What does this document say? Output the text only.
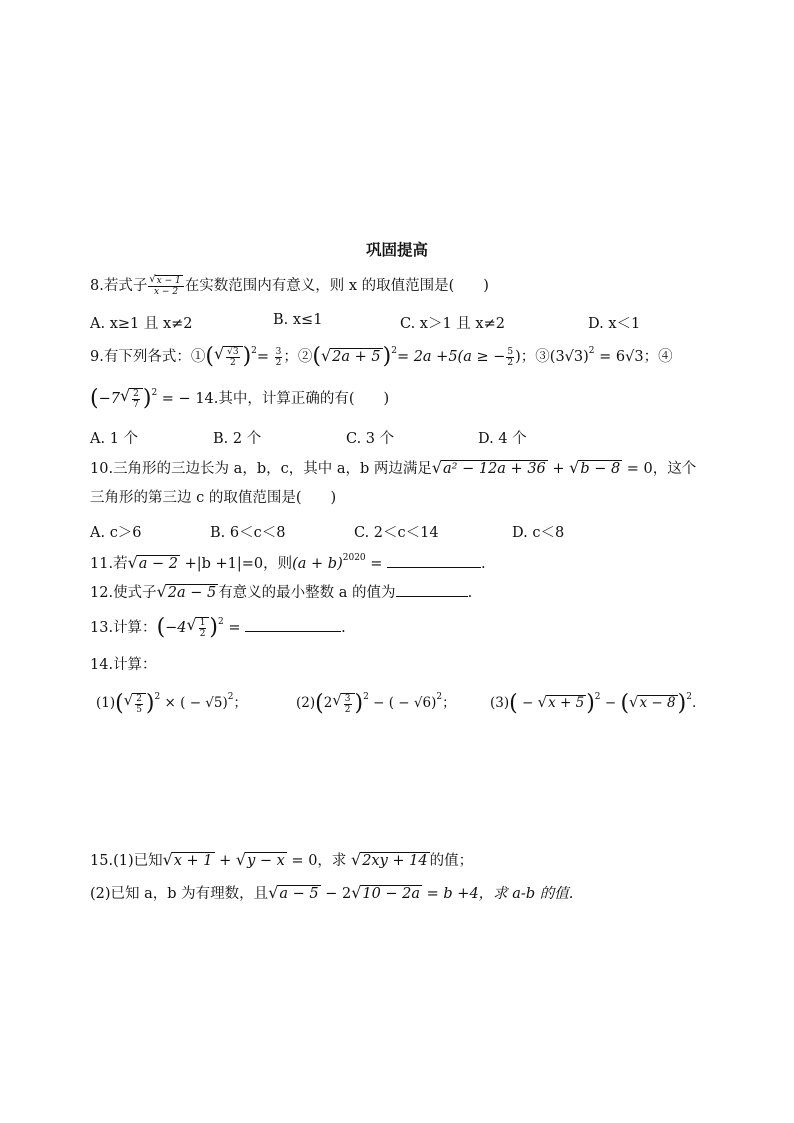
巩固提高
8.若式子 $\frac{√ x - 1}{x - 2}$ 在实数范围内有意义，则 x 的取值范围是(　　)
A. x≥1 且 x≠2	B. x≤1	C. x＞1 且 x≠2	D. x＜1
9.有下列各式：①( √ $\frac{√3}{2} )^2= \frac{3}{2}$ ；②( √ 2a + 5 )$^2$= 2a +5(a ≥ − $\frac{5}{2}$ )；$③(3√3)^2 = 6√3$；④
(−7 √ $\frac{2}{7} )^2$ = − 14.其中，计算正确的有(　　)
A. 1 个	B. 2 个	C. 3 个	D. 4 个
10.三角形的三边长为 a，b，c，其中 a，b 两边满足 √ a² − 12a + 36 + √ b − 8 = 0，这个
三角形的第三边 c 的取值范围是(　　)
A. c＞6	B. 6＜c＜8	C. 2＜c＜14	D. c＜8
11.若 √ a − 2 +|b +1|=0，则$(a + b)^{2020}$ =	.
12.使式子 √ 2a − 5 有意义的最小整数 a 的值为	.
13.计算：(−4 √ $\frac{1}{2} )^2$ =	.
14.计算：
(1)( √ $\frac{2}{5} )^2$ × ( − √5)$^2$；	(2)(2 √ $\frac{3}{2} )^2$ − ( − √6)$^2$；	(3)( − √ x + 5 )$^2$ − ( √ x − 8 )$^2$.
15.(1)已知 √ x + 1 + √ y − x = 0，求 √ 2xy + 14 的值；
(2)已知 a，b 为有理数，且 √ a − 5 − 2 √ 10 − 2a = b +4，求 a-b 的值.
